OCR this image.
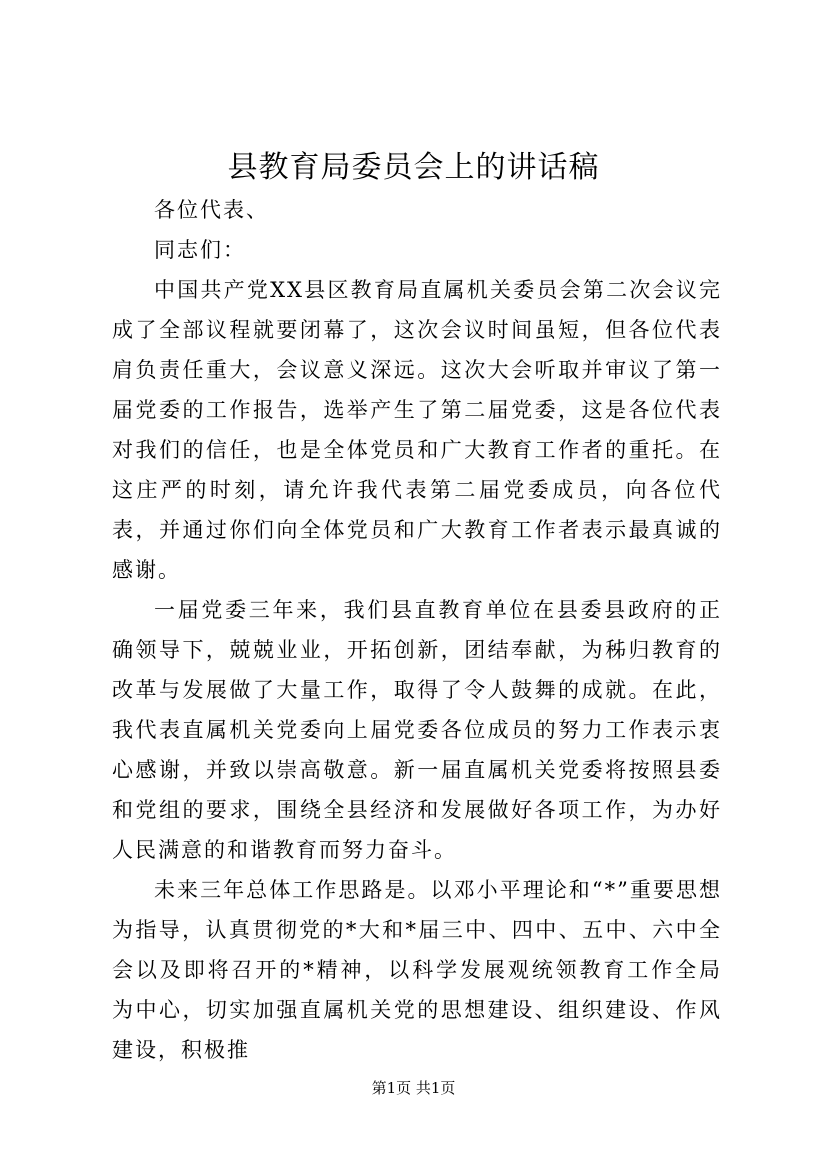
县教育局委员会上的讲话稿

各位代表、

同志们：

中国共产党XX县区教育局直属机关委员会第二次会议完成了全部议程就要闭幕了，这次会议时间虽短，但各位代表肩负责任重大，会议意义深远。这次大会听取并审议了第一届党委的工作报告，选举产生了第二届党委，这是各位代表对我们的信任，也是全体党员和广大教育工作者的重托。在这庄严的时刻，请允许我代表第二届党委成员，向各位代表，并通过你们向全体党员和广大教育工作者表示最真诚的感谢。

一届党委三年来，我们县直教育单位在县委县政府的正确领导下，兢兢业业，开拓创新，团结奉献，为秭归教育的改革与发展做了大量工作，取得了令人鼓舞的成就。在此，我代表直属机关党委向上届党委各位成员的努力工作表示衷心感谢，并致以崇高敬意。新一届直属机关党委将按照县委和党组的要求，围绕全县经济和发展做好各项工作，为办好人民满意的和谐教育而努力奋斗。

未来三年总体工作思路是。以邓小平理论和“*”重要思想为指导，认真贯彻党的*大和*届三中、四中、五中、六中全会以及即将召开的*精神，以科学发展观统领教育工作全局为中心，切实加强直属机关党的思想建设、组织建设、作风建设，积极推

第1页 共1页
